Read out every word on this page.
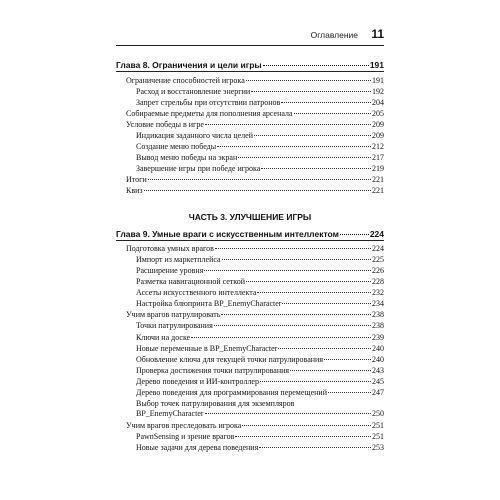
Оглавление 11
Глава 8. Ограничения и цели игры	191
Ограничение способностей игрока	191
Расход и восстановление энергии	192
Запрет стрельбы при отсутствии патронов	204
Собираемые предметы для пополнения арсенала	205
Условие победы в игре	209
Индикация заданного числа целей	209
Создание меню победы	212
Вывод меню победы на экран	217
Завершение игры при победе игрока	219
Итоги	221
Квиз	221
ЧАСТЬ 3. УЛУЧШЕНИЕ ИГРЫ
Глава 9. Умные враги с искусственным интеллектом	224
Подготовка умных врагов	224
Импорт из маркетплейса	225
Расширение уровня	226
Разметка навигационной сеткой	228
Ассеты искусственного интеллекта	232
Настройка блюпринта BP_EnemyCharacter	234
Учим врагов патрулировать	238
Точки патрулирования	238
Ключи на доске	239
Новые переменные в BP_EnemyCharacter	240
Обновление ключа для текущей точки патрулирования	240
Проверка достижения точки патрулирования	243
Дерево поведения и ИИ-контроллер	245
Дерево поведения для программирования перемещений	247
Выбор точек патрулирования для экземпляров
BP_EnemyCharacter	250
Учим врагов преследовать игрока	251
PawnSensing и зрение врагов	251
Новые задачи для дерева поведения	253
